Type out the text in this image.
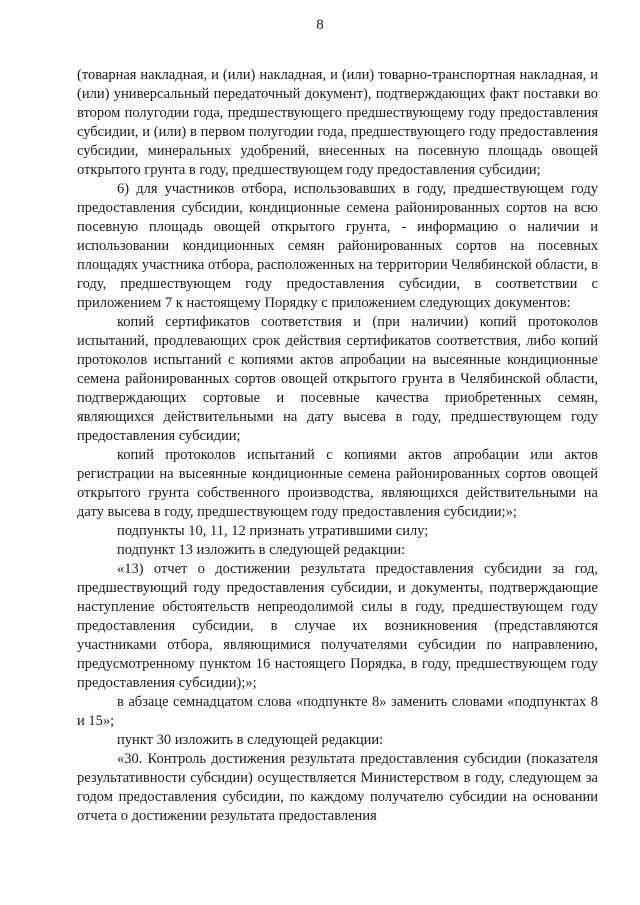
8

(товарная накладная, и (или) накладная, и (или) товарно-транспортная накладная, и (или) универсальный передаточный документ), подтверждающих факт поставки во втором полугодии года, предшествующего предшествующему году предоставления субсидии, и (или) в первом полугодии года, предшествующего году предоставления субсидии, минеральных удобрений, внесенных на посевную площадь овощей открытого грунта в году, предшествующем году предоставления субсидии;

6) для участников отбора, использовавших в году, предшествующем году предоставления субсидии, кондиционные семена районированных сортов на всю посевную площадь овощей открытого грунта, - информацию о наличии и использовании кондиционных семян районированных сортов на посевных площадях участника отбора, расположенных на территории Челябинской области, в году, предшествующем году предоставления субсидии, в соответствии с приложением 7 к настоящему Порядку с приложением следующих документов:

копий сертификатов соответствия и (при наличии) копий протоколов испытаний, продлевающих срок действия сертификатов соответствия, либо копий протоколов испытаний с копиями актов апробации на высеянные кондиционные семена районированных сортов овощей открытого грунта в Челябинской области, подтверждающих сортовые и посевные качества приобретенных семян, являющихся действительными на дату высева в году, предшествующем году предоставления субсидии;

копий протоколов испытаний с копиями актов апробации или актов регистрации на высеянные кондиционные семена районированных сортов овощей открытого грунта собственного производства, являющихся действительными на дату высева в году, предшествующем году предоставления субсидии;»;

подпункты 10, 11, 12 признать утратившими силу;

подпункт 13 изложить в следующей редакции:

«13) отчет о достижении результата предоставления субсидии за год, предшествующий году предоставления субсидии, и документы, подтверждающие наступление обстоятельств непреодолимой силы в году, предшествующем году предоставления субсидии, в случае их возникновения (представляются участниками отбора, являющимися получателями субсидии по направлению, предусмотренному пунктом 16 настоящего Порядка, в году, предшествующем году предоставления субсидии);»;

в абзаце семнадцатом слова «подпункте 8» заменить словами «подпунктах 8 и 15»;

пункт 30 изложить в следующей редакции:

«30. Контроль достижения результата предоставления субсидии (показателя результативности субсидии) осуществляется Министерством в году, следующем за годом предоставления субсидии, по каждому получателю субсидии на основании отчета о достижении результата предоставления
